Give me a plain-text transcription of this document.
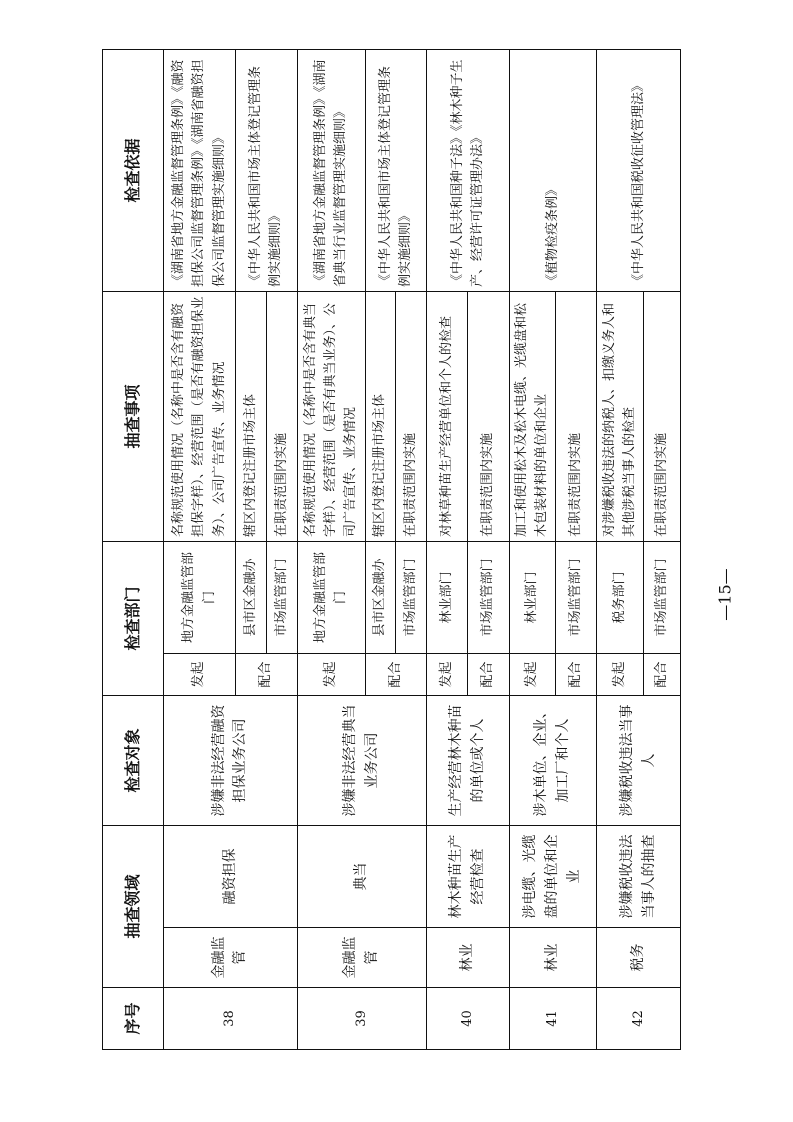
序号	抽查领域		检查对象	检查部门		抽查事项	检查依据
38	金融监管	融资担保	涉嫌非法经营融资担保业务公司	发起	地方金融监管部门	名称规范使用情况（名称中是否含有融资担保字样）、经营范围（是否有融资担保业务）、公司广告宣传、业务情况	《湖南省地方金融监督管理条例》《融资担保公司监督管理条例》《湖南省融资担保公司监督管理实施细则》
				配合	县市区金融办	辖区内登记注册市场主体	《中华人民共和国市场主体登记管理条例实施细则》
					市场监管部门	在职责范围内实施	
39	金融监管	典当	涉嫌非法经营典当业务公司	发起	地方金融监管部门	名称规范使用情况（名称中是否含有典当字样）、经营范围（是否有典当业务）、公司广告宣传、业务情况	《湖南省地方金融监督管理条例》《湖南省典当行业监督管理实施细则》
				配合	县市区金融办	辖区内登记注册市场主体	《中华人民共和国市场主体登记管理条例实施细则》
					市场监管部门	在职责范围内实施	
40	林业	林木种苗生产经营检查	生产经营林木种苗的单位或个人	发起	林业部门	对林草种苗生产经营单位和个人的检查	《中华人民共和国种子法》《林木种子生产、经营许可证管理办法》
				配合	市场监管部门	在职责范围内实施	
41	林业	涉电缆、光缆盘的单位和企业	涉木单位、企业、加工厂和个人	发起	林业部门	加工和使用松木及松木电缆、光缆盘和松木包装材料的单位和企业	《植物检疫条例》
				配合	市场监管部门	在职责范围内实施	
42	税务	涉嫌税收违法当事人的抽查	涉嫌税收违法当事人	发起	税务部门	对涉嫌税收违法的纳税人、扣缴义务人和其他涉税当事人的检查	《中华人民共和国税收征收管理法》
				配合	市场监管部门	在职责范围内实施	
—15—
